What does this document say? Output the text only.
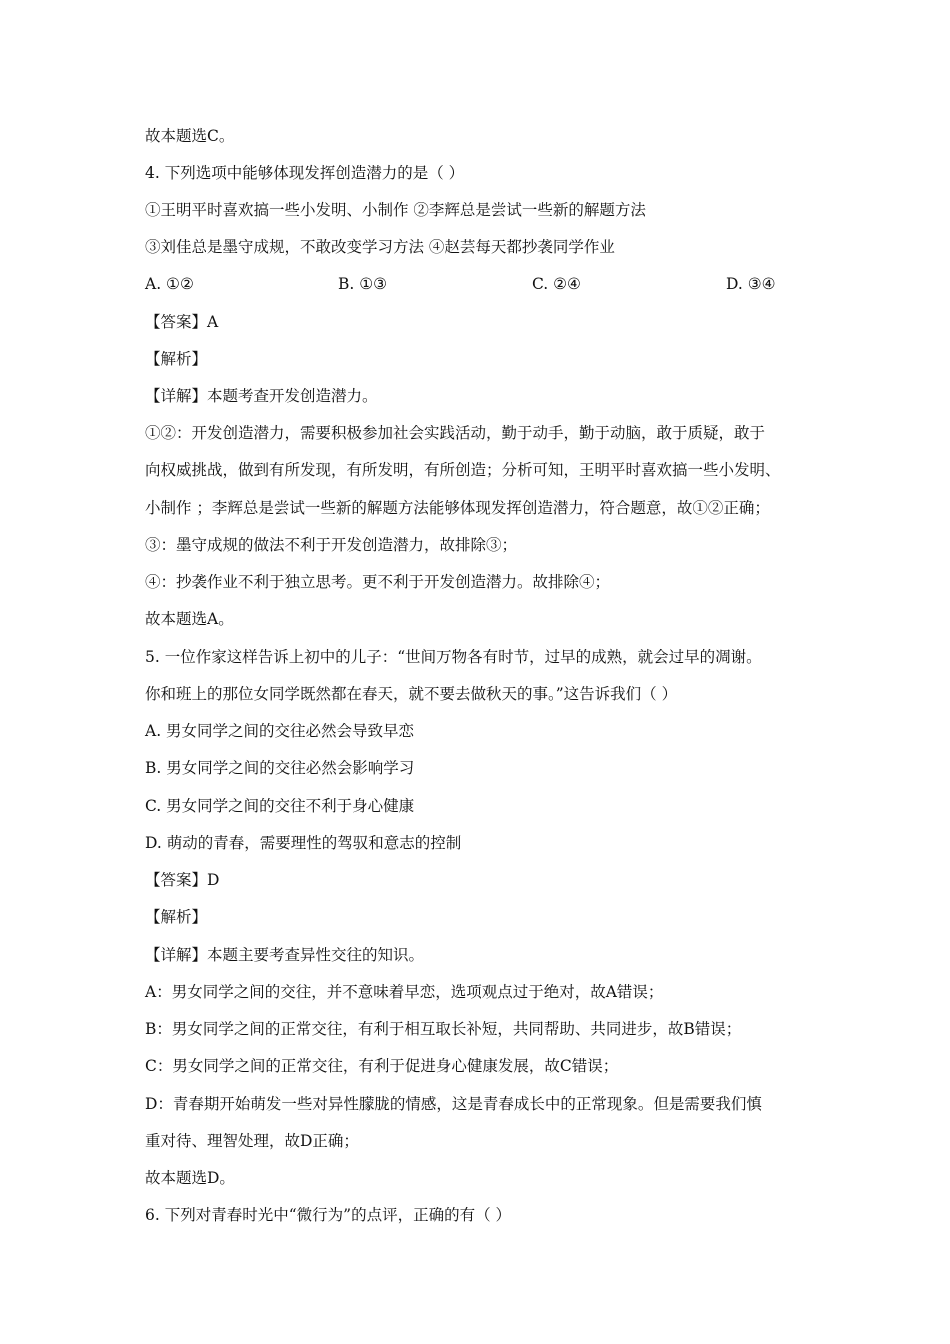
故本题选C。
4. 下列选项中能够体现发挥创造潜力的是（ ）
①王明平时喜欢搞一些小发明、小制作 ②李辉总是尝试一些新的解题方法
③刘佳总是墨守成规，不敢改变学习方法 ④赵芸每天都抄袭同学作业
A. ①②	B. ①③	C. ②④	D. ③④
【答案】A
【解析】
【详解】本题考查开发创造潜力。
①②：开发创造潜力，需要积极参加社会实践活动，勤于动手，勤于动脑，敢于质疑，敢于
向权威挑战，做到有所发现，有所发明，有所创造；分析可知，王明平时喜欢搞一些小发明、
小制作 ；李辉总是尝试一些新的解题方法能够体现发挥创造潜力，符合题意，故①②正确；
③：墨守成规的做法不利于开发创造潜力，故排除③；
④：抄袭作业不利于独立思考。更不利于开发创造潜力。故排除④；
故本题选A。
5. 一位作家这样告诉上初中的儿子：“世间万物各有时节，过早的成熟，就会过早的凋谢。
你和班上的那位女同学既然都在春天，就不要去做秋天的事。”这告诉我们（ ）
A. 男女同学之间的交往必然会导致早恋
B. 男女同学之间的交往必然会影响学习
C. 男女同学之间的交往不利于身心健康
D. 萌动的青春，需要理性的驾驭和意志的控制
【答案】D
【解析】
【详解】本题主要考查异性交往的知识。
A：男女同学之间的交往，并不意味着早恋，选项观点过于绝对，故A错误；
B：男女同学之间的正常交往，有利于相互取长补短，共同帮助、共同进步，故B错误；
C：男女同学之间的正常交往，有利于促进身心健康发展，故C错误；
D：青春期开始萌发一些对异性朦胧的情感，这是青春成长中的正常现象。但是需要我们慎
重对待、理智处理，故D正确；
故本题选D。
6. 下列对青春时光中“微行为”的点评，正确的有（ ）
